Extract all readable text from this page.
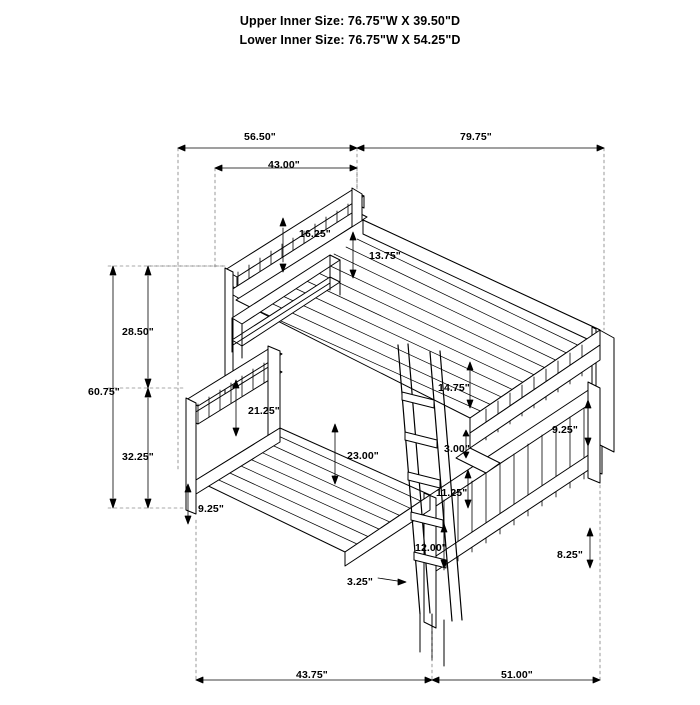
Upper Inner Size: 76.75"W X 39.50"D
Lower Inner Size: 76.75"W X 54.25"D
56.50"	79.75"
43.00"
16.25"
13.75"
28.50"
60.75"
32.25"
21.25"
23.00"
14.75"
9.25"
3.00"
11.25"
9.25"
12.00"
8.25"
3.25"
43.75"	51.00"
